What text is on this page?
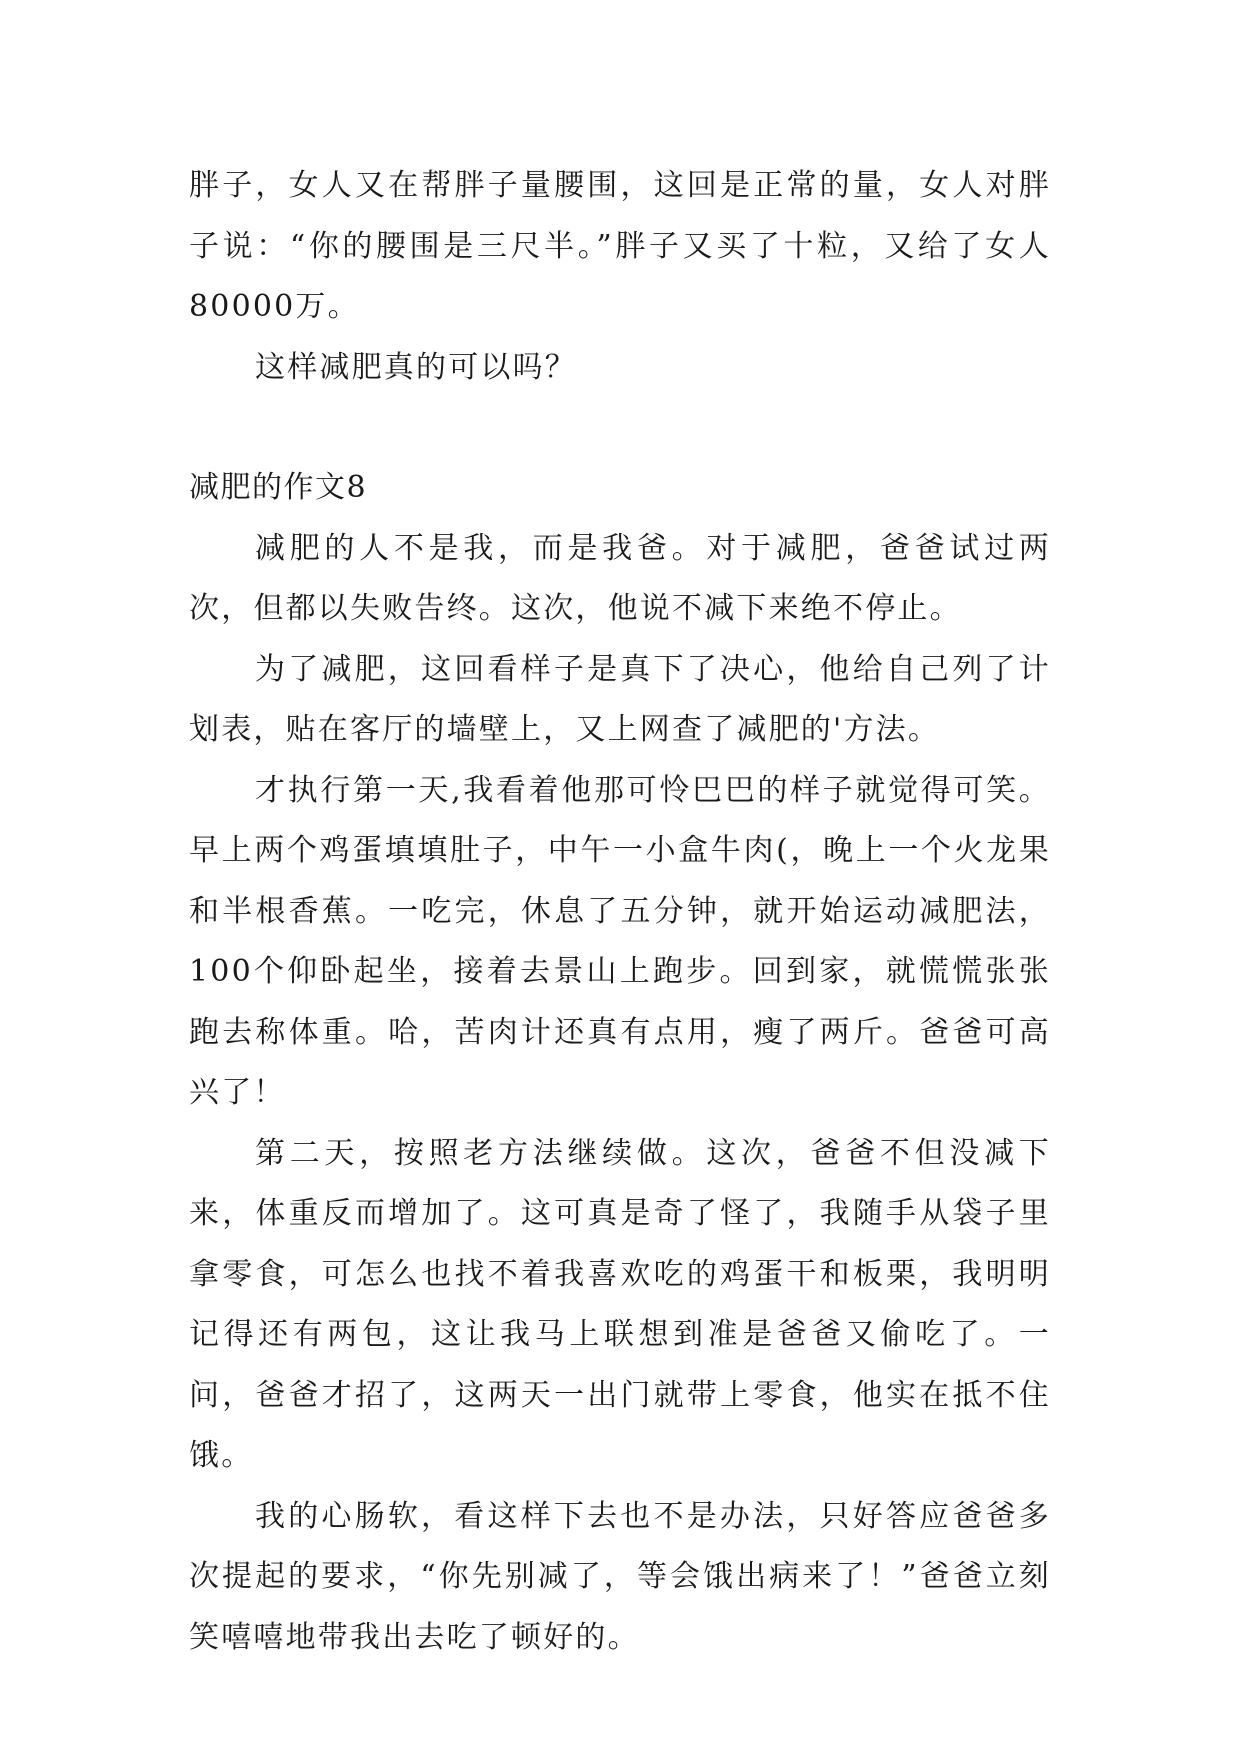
胖子，女人又在帮胖子量腰围，这回是正常的量，女人对胖子说：“你的腰围是三尺半。”胖子又买了十粒，又给了女人80000万。

这样减肥真的可以吗？

减肥的作文8

减肥的人不是我，而是我爸。对于减肥，爸爸试过两次，但都以失败告终。这次，他说不减下来绝不停止。

为了减肥，这回看样子是真下了决心，他给自己列了计划表，贴在客厅的墙壁上，又上网查了减肥的'方法。

才执行第一天,我看着他那可怜巴巴的样子就觉得可笑。早上两个鸡蛋填填肚子，中午一小盒牛肉(，晚上一个火龙果和半根香蕉。一吃完，休息了五分钟，就开始运动减肥法，100个仰卧起坐，接着去景山上跑步。回到家，就慌慌张张跑去称体重。哈，苦肉计还真有点用，瘦了两斤。爸爸可高兴了！

第二天，按照老方法继续做。这次，爸爸不但没减下来，体重反而增加了。这可真是奇了怪了，我随手从袋子里拿零食，可怎么也找不着我喜欢吃的鸡蛋干和板栗，我明明记得还有两包，这让我马上联想到准是爸爸又偷吃了。一问，爸爸才招了，这两天一出门就带上零食，他实在抵不住饿。

我的心肠软，看这样下去也不是办法，只好答应爸爸多次提起的要求，“你先别减了，等会饿出病来了！”爸爸立刻笑嘻嘻地带我出去吃了顿好的。
